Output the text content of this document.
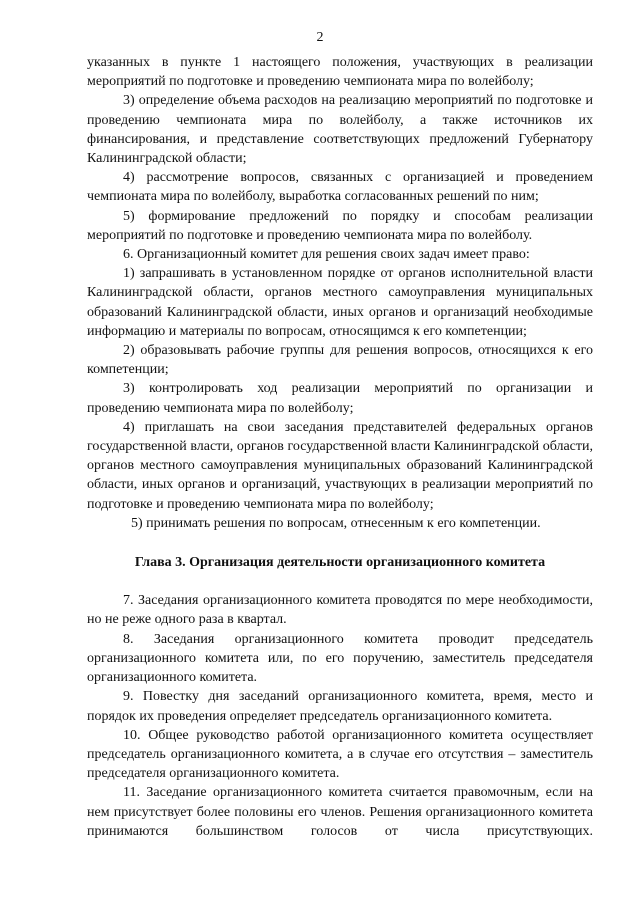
2

указанных в пункте 1 настоящего положения, участвующих в реализации мероприятий по подготовке и проведению чемпионата мира по волейболу;

3) определение объема расходов на реализацию мероприятий по подготовке и проведению чемпионата мира по волейболу, а также источников их финансирования, и представление соответствующих предложений Губернатору Калининградской области;

4) рассмотрение вопросов, связанных с организацией и проведением чемпионата мира по волейболу, выработка согласованных решений по ним;

5) формирование предложений по порядку и способам реализации мероприятий по подготовке и проведению чемпионата мира по волейболу.

6. Организационный комитет для решения своих задач имеет право:

1) запрашивать в установленном порядке от органов исполнительной власти Калининградской области, органов местного самоуправления муниципальных образований Калининградской области, иных органов и организаций необходимые информацию и материалы по вопросам, относящимся к его компетенции;

2) образовывать рабочие группы для решения вопросов, относящихся к его компетенции;

3) контролировать ход реализации мероприятий по организации и проведению чемпионата мира по волейболу;

4) приглашать на свои заседания представителей федеральных органов государственной власти, органов государственной власти Калининградской области, органов местного самоуправления муниципальных образований Калининградской области, иных органов и организаций, участвующих в реализации мероприятий по подготовке и проведению чемпионата мира по волейболу;

5) принимать решения по вопросам, отнесенным к его компетенции.

Глава 3. Организация деятельности организационного комитета

7. Заседания организационного комитета проводятся по мере необходимости, но не реже одного раза в квартал.

8. Заседания организационного комитета проводит председатель организационного комитета или, по его поручению, заместитель председателя организационного комитета.

9. Повестку дня заседаний организационного комитета, время, место и порядок их проведения определяет председатель организационного комитета.

10. Общее руководство работой организационного комитета осуществляет председатель организационного комитета, а в случае его отсутствия – заместитель председателя организационного комитета.

11. Заседание организационного комитета считается правомочным, если на нем присутствует более половины его членов. Решения организационного комитета принимаются большинством голосов от числа присутствующих.
